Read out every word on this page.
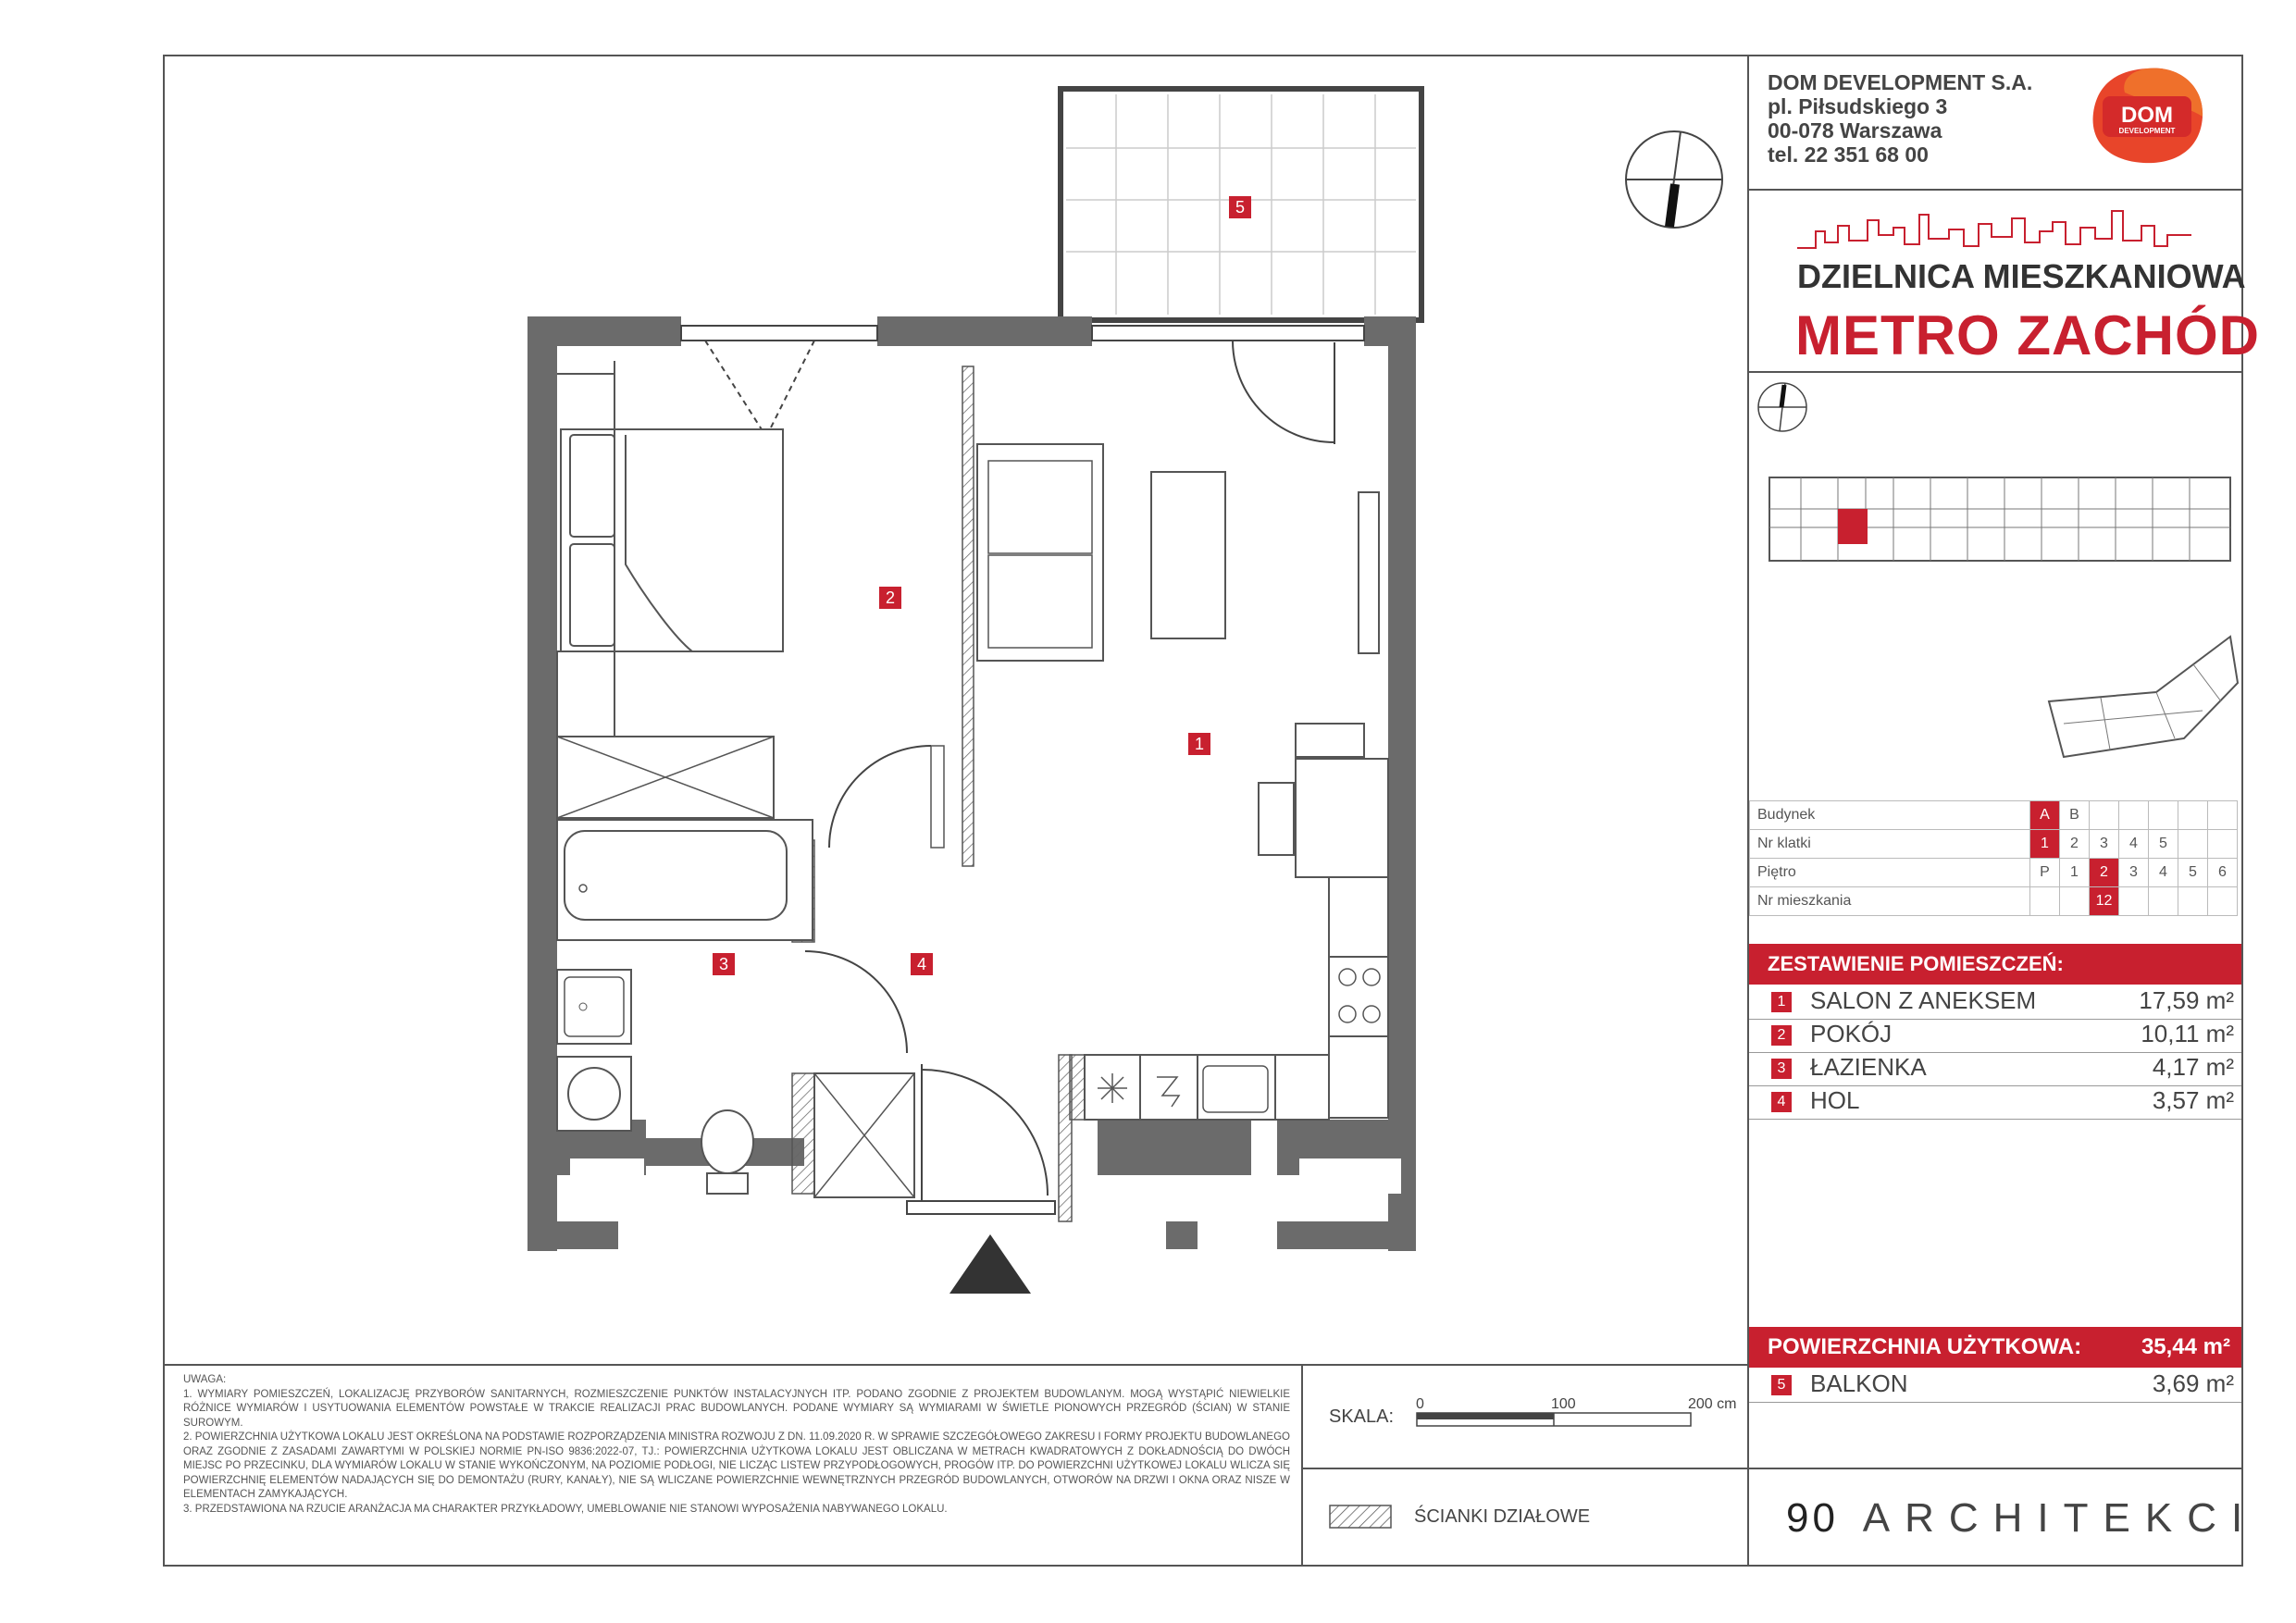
DOM DEVELOPMENT S.A.
pl. Piłsudskiego 3
00-078 Warszawa
tel. 22 351 68 00
DOM
DEVELOPMENT
DZIELNICA MIESZKANIOWA
METRO ZACHÓD
Budynek	A	B					
Nr klatki	1	2	3	4	5		
Piętro	P	1	2	3	4	5	6
Nr mieszkania			12				
ZESTAWIENIE POMIESZCZEŃ:
1 SALON Z ANEKSEM	17,59 m²
2 POKÓJ	10,11 m²
3 ŁAZIENKA	4,17 m²
4 HOL	3,57 m²
POWIERZCHNIA UŻYTKOWA:	35,44 m²
5 BALKON	3,69 m²
UWAGA:
1. WYMIARY POMIESZCZEŃ, LOKALIZACJĘ PRZYBORÓW SANITARNYCH, ROZMIESZCZENIE PUNKTÓW INSTALACYJNYCH ITP. PODANO ZGODNIE Z PROJEKTEM BUDOWLANYM. MOGĄ WYSTĄPIĆ NIEWIELKIE RÓŻNICE WYMIARÓW I USYTUOWANIA ELEMENTÓW POWSTAŁE W TRAKCIE REALIZACJI PRAC BUDOWLANYCH. PODANE WYMIARY SĄ WYMIARAMI W ŚWIETLE PIONOWYCH PRZEGRÓD (ŚCIAN) W STANIE SUROWYM.
2. POWIERZCHNIA UŻYTKOWA LOKALU JEST OKREŚLONA NA PODSTAWIE ROZPORZĄDZENIA MINISTRA ROZWOJU Z DN. 11.09.2020 R. W SPRAWIE SZCZEGÓŁOWEGO ZAKRESU I FORMY PROJEKTU BUDOWLANEGO ORAZ ZGODNIE Z ZASADAMI ZAWARTYMI W POLSKIEJ NORMIE PN-ISO 9836:2022-07, TJ.: POWIERZCHNIA UŻYTKOWA LOKALU JEST OBLICZANA W METRACH KWADRATOWYCH Z DOKŁADNOŚCIĄ DO DWÓCH MIEJSC PO PRZECINKU, DLA WYMIARÓW LOKALU W STANIE WYKOŃCZONYM, NA POZIOMIE PODŁOGI, NIE LICZĄC LISTEW PRZYPODŁOGOWYCH, PROGÓW ITP. DO POWIERZCHNI UŻYTKOWEJ LOKALU WLICZA SIĘ POWIERZCHNIĘ ELEMENTÓW NADAJĄCYCH SIĘ DO DEMONTAŻU (RURY, KANAŁY), NIE SĄ WLICZANE POWIERZCHNIE WEWNĘTRZNYCH PRZEGRÓD BUDOWLANYCH, OTWORÓW NA DRZWI I OKNA ORAZ NISZE W ELEMENTACH ZAMYKAJĄCYCH.
3. PRZEDSTAWIONA NA RZUCIE ARANŻACJA MA CHARAKTER PRZYKŁADOWY, UMEBLOWANIE NIE STANOWI WYPOSAŻENIA NABYWANEGO LOKALU.
SKALA:
0	100	200 cm
ŚCIANKI DZIAŁOWE	90 ARCHITEKCI
1
2
3	4
5
